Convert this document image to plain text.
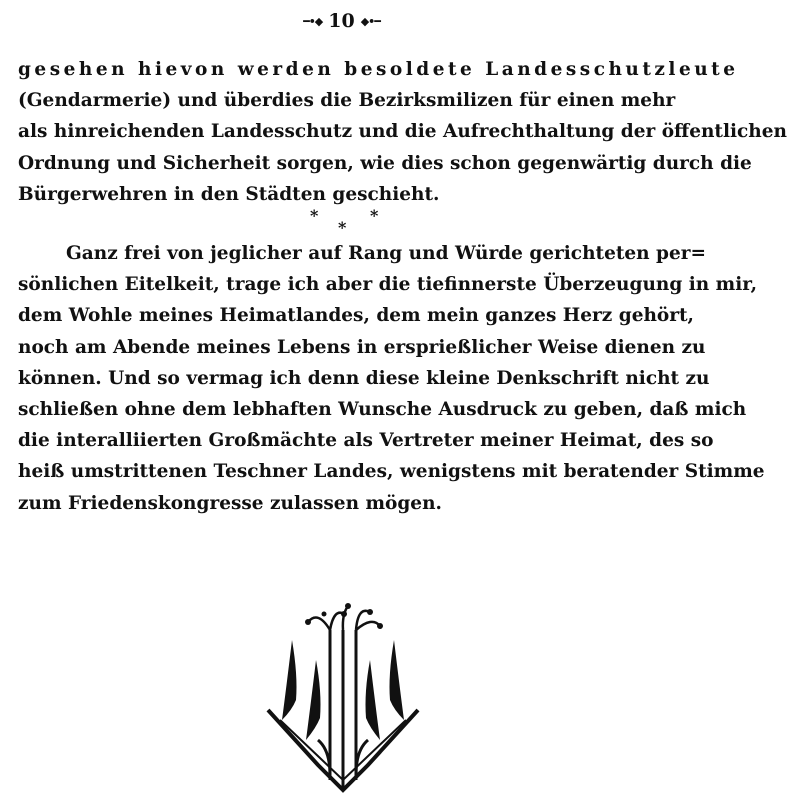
━•◆ 10 ◆•━
gesehen hievon werden besoldete Landesschutzleute
(Gendarmerie) und überdies die Bezirksmilizen für einen mehr
als hinreichenden Landesschutz und die Aufrechthaltung der öffentlichen
Ordnung und Sicherheit sorgen, wie dies schon gegenwärtig durch die
Bürgerwehren in den Städten geschieht.
*
*
*
Ganz frei von jeglicher auf Rang und Würde gerichteten per=
sönlichen Eitelkeit, trage ich aber die tiefinnerste Überzeugung in mir,
dem Wohle meines Heimatlandes, dem mein ganzes Herz gehört,
noch am Abende meines Lebens in ersprießlicher Weise dienen zu
können. Und so vermag ich denn diese kleine Denkschrift nicht zu
schließen ohne dem lebhaften Wunsche Ausdruck zu geben, daß mich
die interalliierten Großmächte als Vertreter meiner Heimat, des so
heiß umstrittenen Teschner Landes, wenigstens mit beratender Stimme
zum Friedenskongresse zulassen mögen.
